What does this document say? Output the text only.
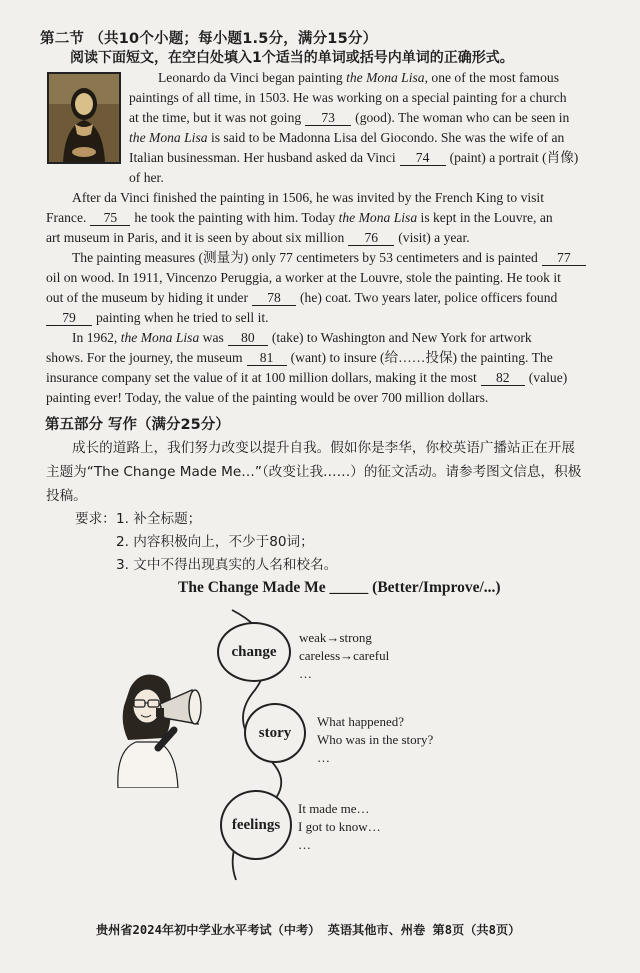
第二节 （共10个小题；每小题1.5分，满分15分）
阅读下面短文，在空白处填入1个适当的单词或括号内单词的正确形式。
Leonardo da Vinci began painting the Mona Lisa, one of the most famous
paintings of all time, in 1503. He was working on a special painting for a church
at the time, but it was not going 73 (good). The woman who can be seen in
the Mona Lisa is said to be Madonna Lisa del Giocondo. She was the wife of an
Italian businessman. Her husband asked da Vinci 74 (paint) a portrait (肖像)
of her.
After da Vinci finished the painting in 1506, he was invited by the French King to visit
France. 75 he took the painting with him. Today the Mona Lisa is kept in the Louvre, an
art museum in Paris, and it is seen by about six million 76 (visit) a year.
The painting measures (测量为) only 77 centimeters by 53 centimeters and is painted 77
oil on wood. In 1911, Vincenzo Peruggia, a worker at the Louvre, stole the painting. He took it
out of the museum by hiding it under 78 (he) coat. Two years later, police officers found
79 painting when he tried to sell it.
In 1962, the Mona Lisa was 80 (take) to Washington and New York for artwork
shows. For the journey, the museum 81 (want) to insure (给……投保) the painting. The
insurance company set the value of it at 100 million dollars, making it the most 82 (value)
painting ever! Today, the value of the painting would be over 700 million dollars.
第五部分 写作（满分25分）
成长的道路上，我们努力改变以提升自我。假如你是李华，你校英语广播站正在开展
主题为“The Change Made Me…”（改变让我……）的征文活动。请参考图文信息，积极
投稿。
要求： 1. 补全标题；
2. 内容积极向上，不少于80词；
3. 文中不得出现真实的人名和校名。
The Change Made Me _____ (Better/Improve/...)
change
story
feelings
weak→strong
careless→careful
…
What happened?
Who was in the story?
…
It made me…
I got to know…
…
贵州省2024年初中学业水平考试（中考） 英语其他市、州卷 第8页（共8页）
